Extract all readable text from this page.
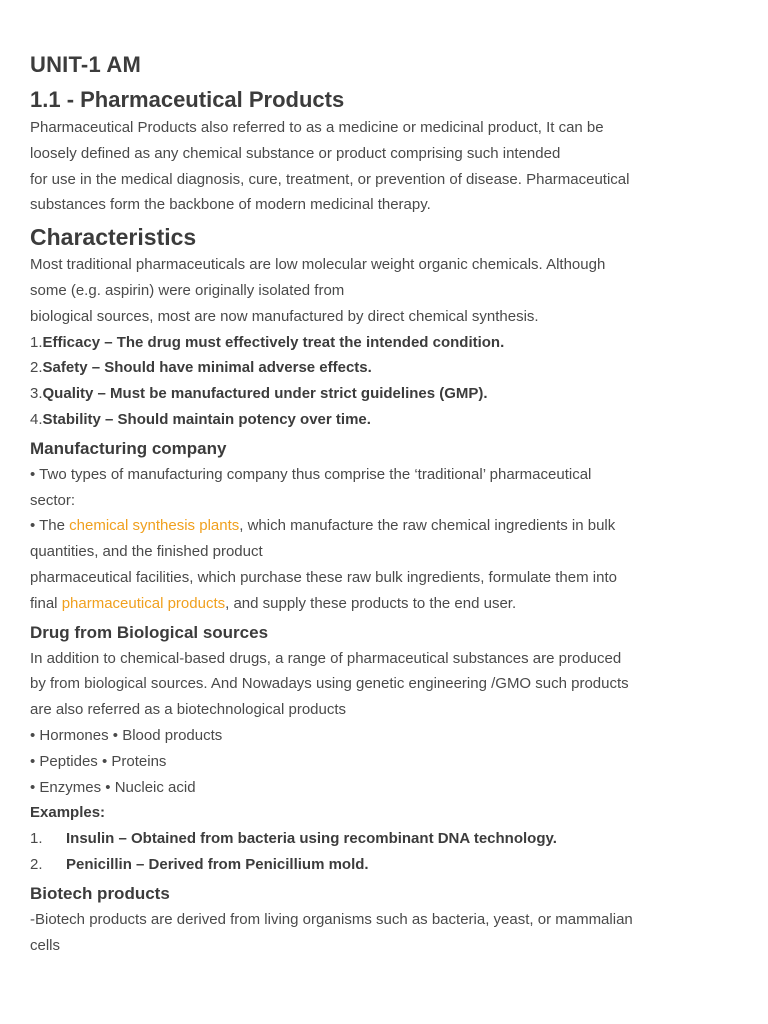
UNIT-1 AM
1.1 - Pharmaceutical Products

Pharmaceutical Products also referred to as a medicine or medicinal product, It can be

loosely defined as any chemical substance or product comprising such intended

for use in the medical diagnosis, cure, treatment, or prevention of disease. Pharmaceutical

substances form the backbone of modern medicinal therapy.

Characteristics

Most traditional pharmaceuticals are low molecular weight organic chemicals. Although

some (e.g. aspirin) were originally isolated from

biological sources, most are now manufactured by direct chemical synthesis.

1.Efficacy – The drug must effectively treat the intended condition.

2.Safety – Should have minimal adverse effects.

3.Quality – Must be manufactured under strict guidelines (GMP).

4.Stability – Should maintain potency over time.

Manufacturing company

• Two types of manufacturing company thus comprise the ‘traditional’ pharmaceutical

sector:

• The chemical synthesis plants, which manufacture the raw chemical ingredients in bulk

quantities, and the finished product

pharmaceutical facilities, which purchase these raw bulk ingredients, formulate them into

final pharmaceutical products, and supply these products to the end user.

Drug from Biological sources

In addition to chemical-based drugs, a range of pharmaceutical substances are produced

by from biological sources. And Nowadays using genetic engineering /GMO such products

are also referred as a biotechnological products

• Hormones • Blood products

• Peptides • Proteins

• Enzymes • Nucleic acid

Examples:

1.	Insulin – Obtained from bacteria using recombinant DNA technology.
2.	Penicillin – Derived from Penicillium mold.
Biotech products

-Biotech products are derived from living organisms such as bacteria, yeast, or mammalian

cells
